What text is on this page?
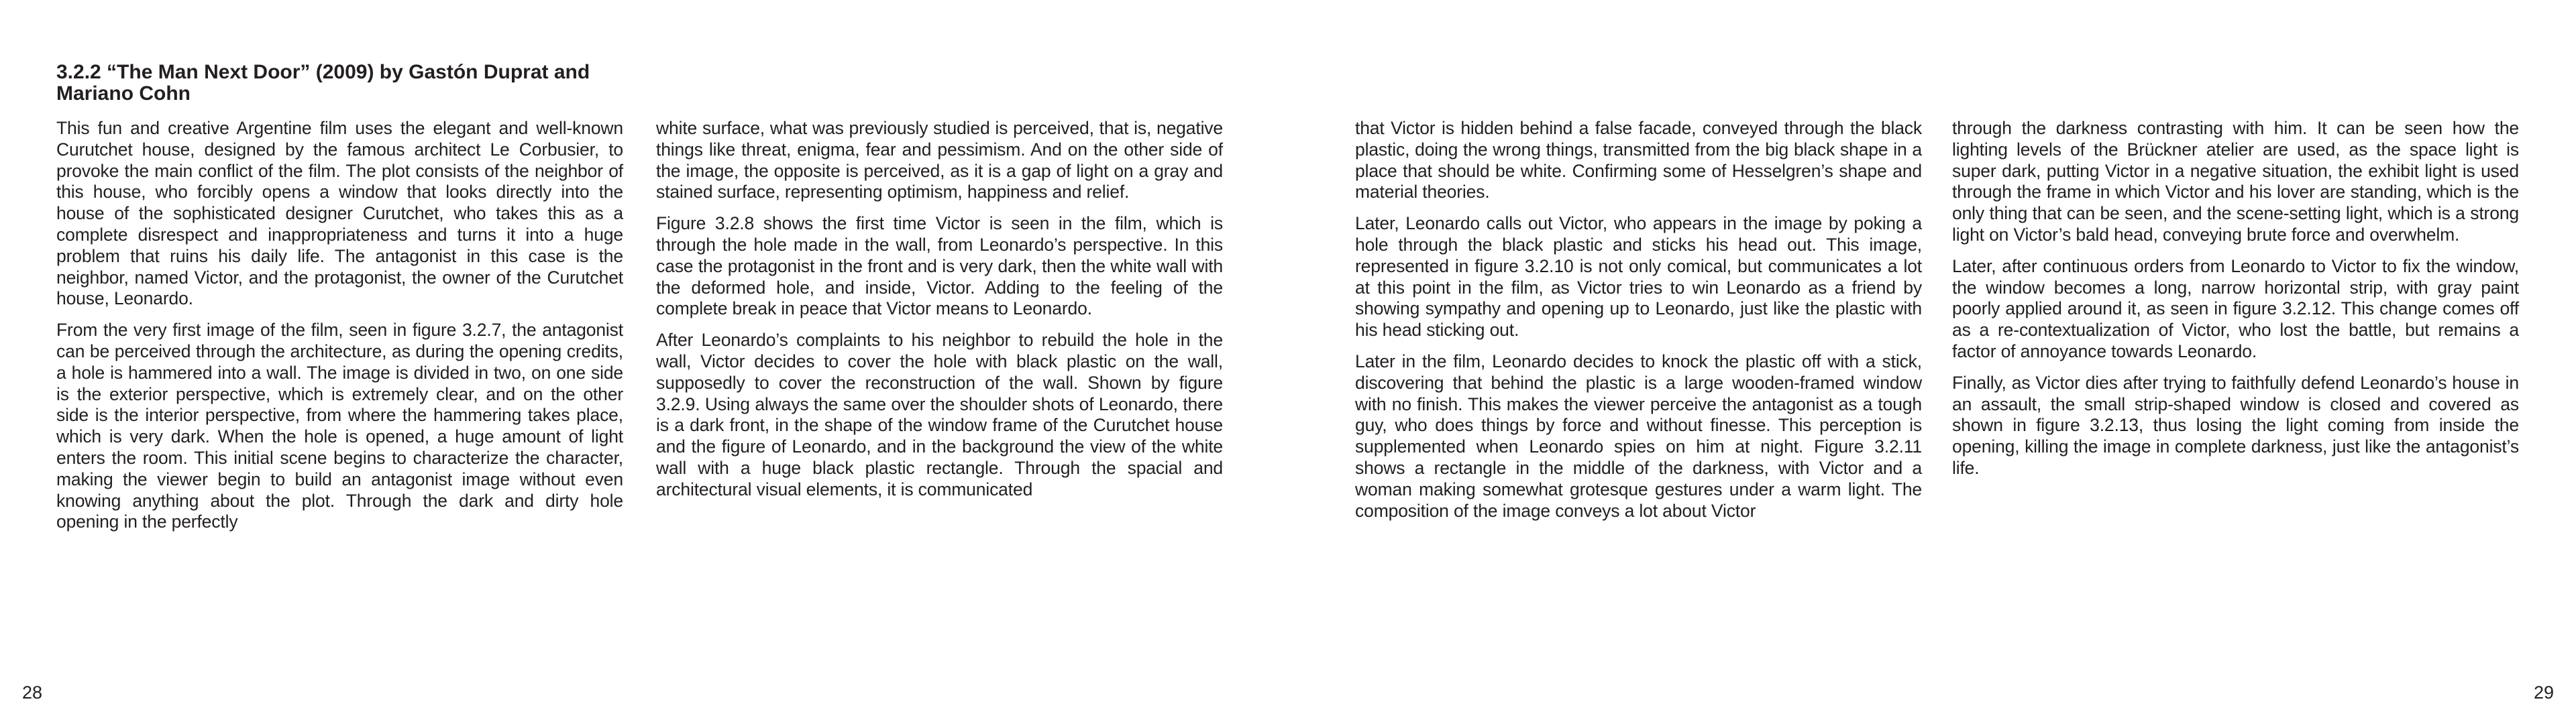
3.2.2 “The Man Next Door” (2009) by Gastón Duprat and Mariano Cohn

This fun and creative Argentine film uses the elegant and well-known Curutchet house, designed by the famous architect Le Corbusier, to provoke the main conflict of the film. The plot consists of the neighbor of this house, who forcibly opens a window that looks directly into the house of the sophisticated designer Curutchet, who takes this as a complete disrespect and inappropriateness and turns it into a huge problem that ruins his daily life. The antagonist in this case is the neighbor, named Victor, and the protagonist, the owner of the Curutchet house, Leonardo.

From the very first image of the film, seen in figure 3.2.7, the antagonist can be perceived through the architecture, as during the opening credits, a hole is hammered into a wall. The image is divided in two, on one side is the exterior perspective, which is extremely clear, and on the other side is the interior perspective, from where the hammering takes place, which is very dark. When the hole is opened, a huge amount of light enters the room. This initial scene begins to characterize the character, making the viewer begin to build an antagonist image without even knowing anything about the plot. Through the dark and dirty hole opening in the perfectly

white surface, what was previously studied is perceived, that is, negative things like threat, enigma, fear and pessimism. And on the other side of the image, the opposite is perceived, as it is a gap of light on a gray and stained surface, representing optimism, happiness and relief.

Figure 3.2.8 shows the first time Victor is seen in the film, which is through the hole made in the wall, from Leonardo’s perspective. In this case the protagonist in the front and is very dark, then the white wall with the deformed hole, and inside, Victor. Adding to the feeling of the complete break in peace that Victor means to Leonardo.

After Leonardo’s complaints to his neighbor to rebuild the hole in the wall, Victor decides to cover the hole with black plastic on the wall, supposedly to cover the reconstruction of the wall. Shown by figure 3.2.9. Using always the same over the shoulder shots of Leonardo, there is a dark front, in the shape of the window frame of the Curutchet house and the figure of Leonardo, and in the background the view of the white wall with a huge black plastic rectangle. Through the spacial and architectural visual elements, it is communicated

28

that Victor is hidden behind a false facade, conveyed through the black plastic, doing the wrong things, transmitted from the big black shape in a place that should be white. Confirming some of Hesselgren’s shape and material theories.

Later, Leonardo calls out Victor, who appears in the image by poking a hole through the black plastic and sticks his head out. This image, represented in figure 3.2.10 is not only comical, but communicates a lot at this point in the film, as Victor tries to win Leonardo as a friend by showing sympathy and opening up to Leonardo, just like the plastic with his head sticking out.

Later in the film, Leonardo decides to knock the plastic off with a stick, discovering that behind the plastic is a large wooden-framed window with no finish. This makes the viewer perceive the antagonist as a tough guy, who does things by force and without finesse. This perception is supplemented when Leonardo spies on him at night. Figure 3.2.11 shows a rectangle in the middle of the darkness, with Victor and a woman making somewhat grotesque gestures under a warm light. The composition of the image conveys a lot about Victor

through the darkness contrasting with him. It can be seen how the lighting levels of the Brückner atelier are used, as the space light is super dark, putting Victor in a negative situation, the exhibit light is used through the frame in which Victor and his lover are standing, which is the only thing that can be seen, and the scene-setting light, which is a strong light on Victor’s bald head, conveying brute force and overwhelm.

Later, after continuous orders from Leonardo to Victor to fix the window, the window becomes a long, narrow horizontal strip, with gray paint poorly applied around it, as seen in figure 3.2.12. This change comes off as a re-contextualization of Victor, who lost the battle, but remains a factor of annoyance towards Leonardo.

Finally, as Victor dies after trying to faithfully defend Leonardo’s house in an assault, the small strip-shaped window is closed and covered as shown in figure 3.2.13, thus losing the light coming from inside the opening, killing the image in complete darkness, just like the antagonist’s life.

29
